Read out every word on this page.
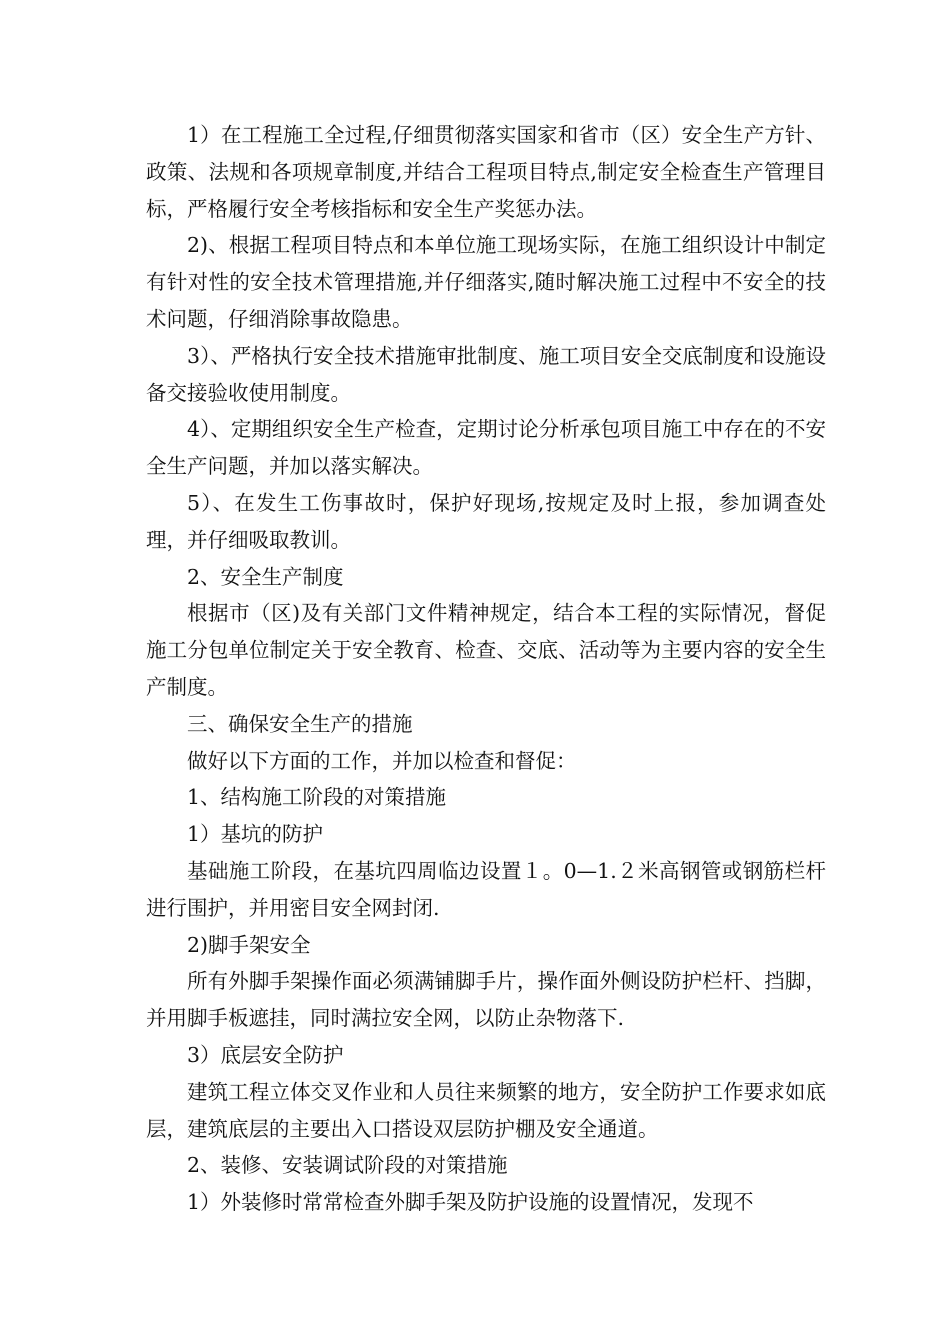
1）在工程施工全过程,仔细贯彻落实国家和省市（区）安全生产方针、政策、法规和各项规章制度,并结合工程项目特点,制定安全检查生产管理目标，严格履行安全考核指标和安全生产奖惩办法。

2)、根据工程项目特点和本单位施工现场实际，在施工组织设计中制定有针对性的安全技术管理措施,并仔细落实,随时解决施工过程中不安全的技术问题，仔细消除事故隐患。

3）、严格执行安全技术措施审批制度、施工项目安全交底制度和设施设备交接验收使用制度。

4）、定期组织安全生产检查，定期讨论分析承包项目施工中存在的不安全生产问题，并加以落实解决。

5）、在发生工伤事故时，保护好现场,按规定及时上报，参加调查处理，并仔细吸取教训。

2、安全生产制度

根据市（区)及有关部门文件精神规定，结合本工程的实际情况，督促施工分包单位制定关于安全教育、检查、交底、活动等为主要内容的安全生产制度。

三、确保安全生产的措施

做好以下方面的工作，并加以检查和督促：

1、结构施工阶段的对策措施

1）基坑的防护

基础施工阶段，在基坑四周临边设置１。0—1.２米高钢管或钢筋栏杆进行围护，并用密目安全网封闭.

2)脚手架安全

所有外脚手架操作面必须满铺脚手片，操作面外侧设防护栏杆、挡脚，并用脚手板遮挂，同时满拉安全网，以防止杂物落下.

3）底层安全防护

建筑工程立体交叉作业和人员往来频繁的地方，安全防护工作要求如底层，建筑底层的主要出入口搭设双层防护棚及安全通道。

2、装修、安装调试阶段的对策措施

1）外装修时常常检查外脚手架及防护设施的设置情况，发现不
